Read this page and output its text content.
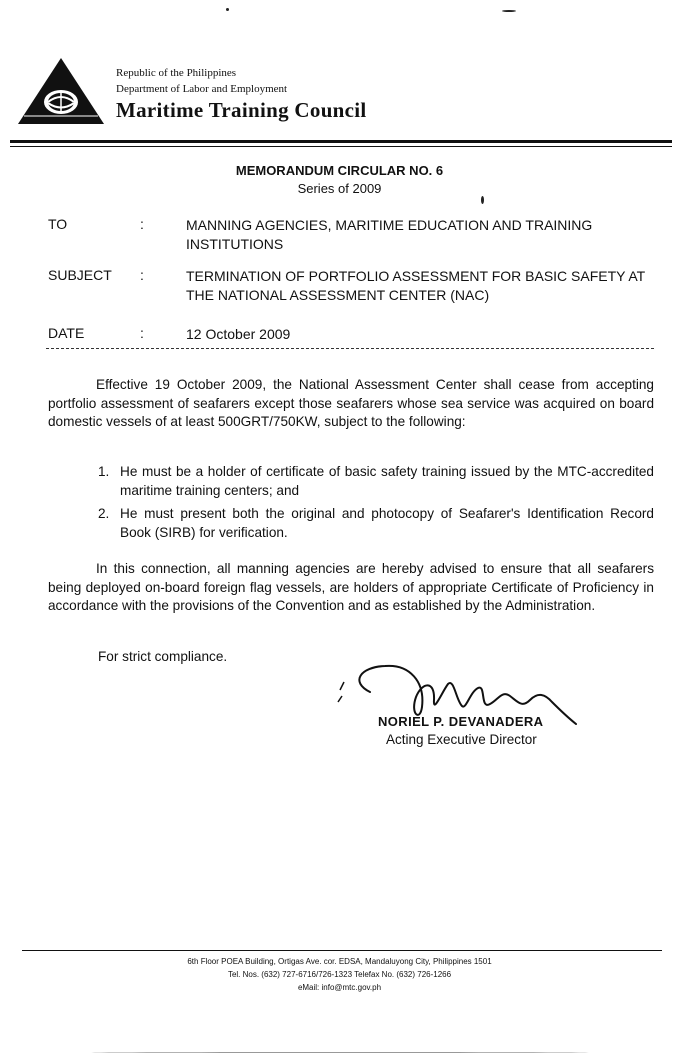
Republic of the Philippines
Department of Labor and Employment
Maritime Training Council
MEMORANDUM CIRCULAR NO. 6
Series of 2009
TO	:	MANNING AGENCIES, MARITIME EDUCATION AND TRAINING INSTITUTIONS
SUBJECT :	TERMINATION OF PORTFOLIO ASSESSMENT FOR BASIC SAFETY AT THE NATIONAL ASSESSMENT CENTER (NAC)
DATE	:	12 October 2009
Effective 19 October 2009, the National Assessment Center shall cease from accepting portfolio assessment of seafarers except those seafarers whose sea service was acquired on board domestic vessels of at least 500GRT/750KW, subject to the following:
1. He must be a holder of certificate of basic safety training issued by the MTC-accredited maritime training centers; and
2. He must present both the original and photocopy of Seafarer's Identification Record Book (SIRB) for verification.
In this connection, all manning agencies are hereby advised to ensure that all seafarers being deployed on-board foreign flag vessels, are holders of appropriate Certificate of Proficiency in accordance with the provisions of the Convention and as established by the Administration.
For strict compliance.
NORIEL P. DEVANADERA
Acting Executive Director
6th Floor POEA Building, Ortigas Ave. cor. EDSA, Mandaluyong City, Philippines 1501
Tel. Nos. (632) 727-6716/726-1323 Telefax No. (632) 726-1266
eMail: info@mtc.gov.ph
